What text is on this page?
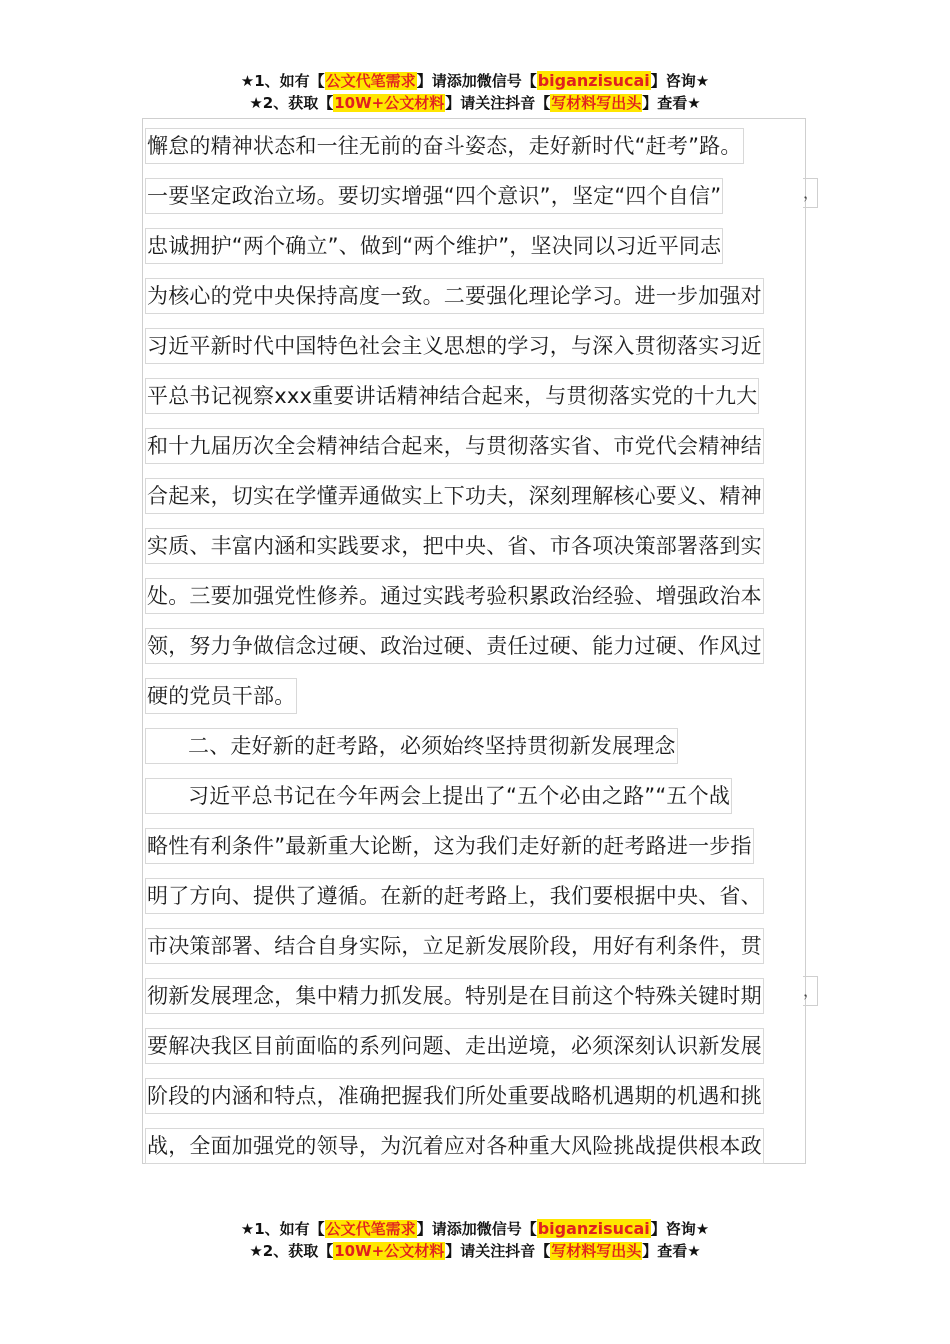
★1、如有【公文代笔需求】请添加微信号【biganzisucai】咨询★
★2、获取【10W+公文材料】请关注抖音【写材料写出头】查看★
，
，
懈怠的精神状态和一往无前的奋斗姿态，走好新时代“赶考”路。
一要坚定政治立场。要切实增强“四个意识”，坚定“四个自信”
忠诚拥护“两个确立”、做到“两个维护”，坚决同以习近平同志
为核心的党中央保持高度一致。二要强化理论学习。进一步加强对
习近平新时代中国特色社会主义思想的学习，与深入贯彻落实习近
平总书记视察xxx重要讲话精神结合起来，与贯彻落实党的十九大
和十九届历次全会精神结合起来，与贯彻落实省、市党代会精神结
合起来，切实在学懂弄通做实上下功夫，深刻理解核心要义、精神
实质、丰富内涵和实践要求，把中央、省、市各项决策部署落到实
处。三要加强党性修养。通过实践考验积累政治经验、增强政治本
领，努力争做信念过硬、政治过硬、责任过硬、能力过硬、作风过
硬的党员干部。
二、走好新的赶考路，必须始终坚持贯彻新发展理念
习近平总书记在今年两会上提出了“五个必由之路”“五个战
略性有利条件”最新重大论断，这为我们走好新的赶考路进一步指
明了方向、提供了遵循。在新的赶考路上，我们要根据中央、省、
市决策部署、结合自身实际，立足新发展阶段，用好有利条件，贯
彻新发展理念，集中精力抓发展。特别是在目前这个特殊关键时期
要解决我区目前面临的系列问题、走出逆境，必须深刻认识新发展
阶段的内涵和特点，准确把握我们所处重要战略机遇期的机遇和挑
战，全面加强党的领导，为沉着应对各种重大风险挑战提供根本政
★1、如有【公文代笔需求】请添加微信号【biganzisucai】咨询★
★2、获取【10W+公文材料】请关注抖音【写材料写出头】查看★
